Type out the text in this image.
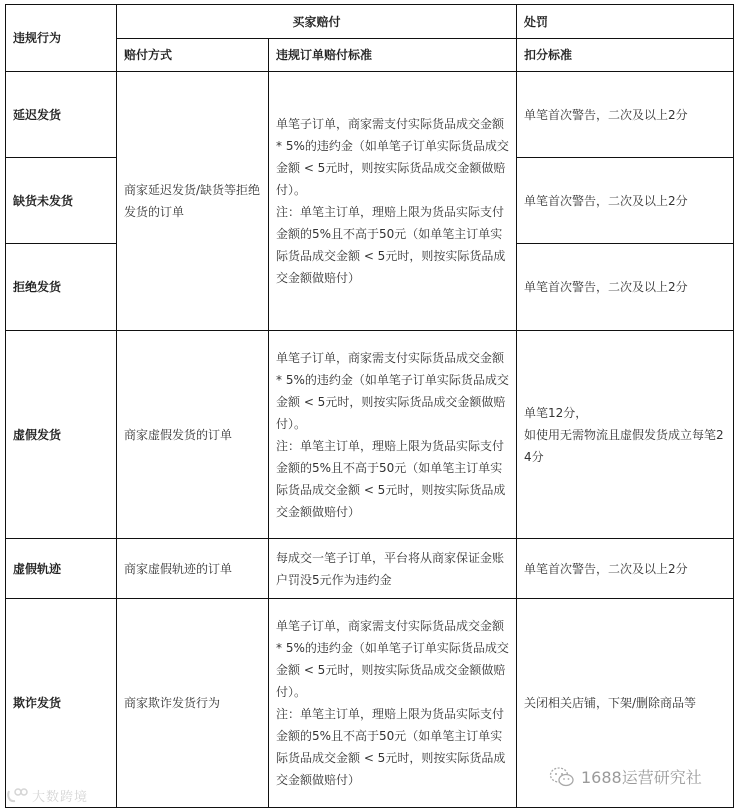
违规行为	买家赔付		处罚
	赔付方式	违规订单赔付标准	扣分标准
延迟发货	商家延迟发货/缺货等拒绝发货的订单	单笔子订单，商家需支付实际货品成交金额 * 5%的违约金（如单笔子订单实际货品成交金额 < 5元时，则按实际货品成交金额做赔付）。
注：单笔主订单，理赔上限为货品实际支付金额的5%且不高于50元（如单笔主订单实际货品成交金额 < 5元时，则按实际货品成交金额做赔付）	单笔首次警告，二次及以上2分
缺货未发货			单笔首次警告，二次及以上2分
拒绝发货			单笔首次警告，二次及以上2分
虚假发货	商家虚假发货的订单	单笔子订单，商家需支付实际货品成交金额 * 5%的违约金（如单笔子订单实际货品成交金额 < 5元时，则按实际货品成交金额做赔付）。
注：单笔主订单，理赔上限为货品实际支付金额的5%且不高于50元（如单笔主订单实际货品成交金额 < 5元时，则按实际货品成交金额做赔付）	单笔12分，
如使用无需物流且虚假发货成立每笔24分

虚假轨迹	商家虚假轨迹的订单	每成交一笔子订单，平台将从商家保证金账户罚没5元作为违约金	单笔首次警告，二次及以上2分
欺诈发货	商家欺诈发货行为	单笔子订单，商家需支付实际货品成交金额 * 5%的违约金（如单笔子订单实际货品成交金额 < 5元时，则按实际货品成交金额做赔付）。
注：单笔主订单，理赔上限为货品实际支付金额的5%且不高于50元（如单笔主订单实际货品成交金额 < 5元时，则按实际货品成交金额做赔付）	关闭相关店铺，下架/删除商品等
大数跨境
1688运营研究社
